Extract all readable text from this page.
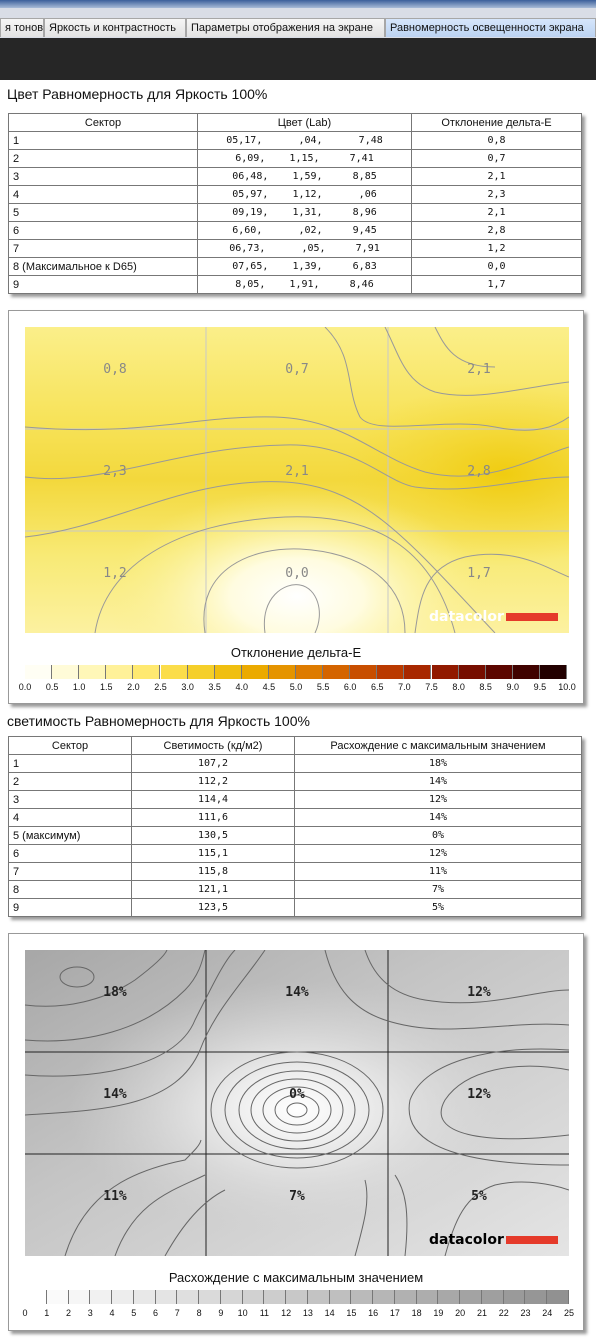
я тонов Яркость и контрастность	Параметры отображения на экране	Равномерность освещенности экрана
Цвет Равномерность для Яркость 100%
Сектор	Цвет (Lab)	Отклонение дельта-E
1	05,17,      ,04,      7,48	0,8
2	6,09,    1,15,     7,41	0,7
3	06,48,    1,59,     8,85	2,1
4	05,97,    1,12,      ,06	2,3
5	09,19,    1,31,     8,96	2,1
6	6,60,      ,02,     9,45	2,8
7	06,73,      ,05,     7,91	1,2
8 (Максимальное к D65)	07,65,    1,39,     6,83	0,0
9	8,05,    1,91,     8,46	1,7
0,8	0,7	2,1
2,3	2,1	2,8
1,2	0,0	1,7
datacolor
Отклонение дельта-E
0.0	0.5	1.0	1.5	2.0	2.5	3.0	3.5	4.0	4.5	5.0	5.5	6.0	6.5	7.0	7.5	8.0	8.5	9.0	9.5	10.0
светимость Равномерность для Яркость 100%
Сектор	Светимость (кд/м2)	Расхождение с максимальным значением
1	107,2	18%
2	112,2	14%
3	114,4	12%
4	111,6	14%
5 (максимум)	130,5	0%
6	115,1	12%
7	115,8	11%
8	121,1	7%
9	123,5	5%
18%	14%	12%
14%	0%	12%
11%	7%	5%
datacolor
Расхождение с максимальным значением
0	1	2	3	4	5	6	7	8	9	10	11	12	13	14	15	16	17	18	19	20	21	22	23	24	25
